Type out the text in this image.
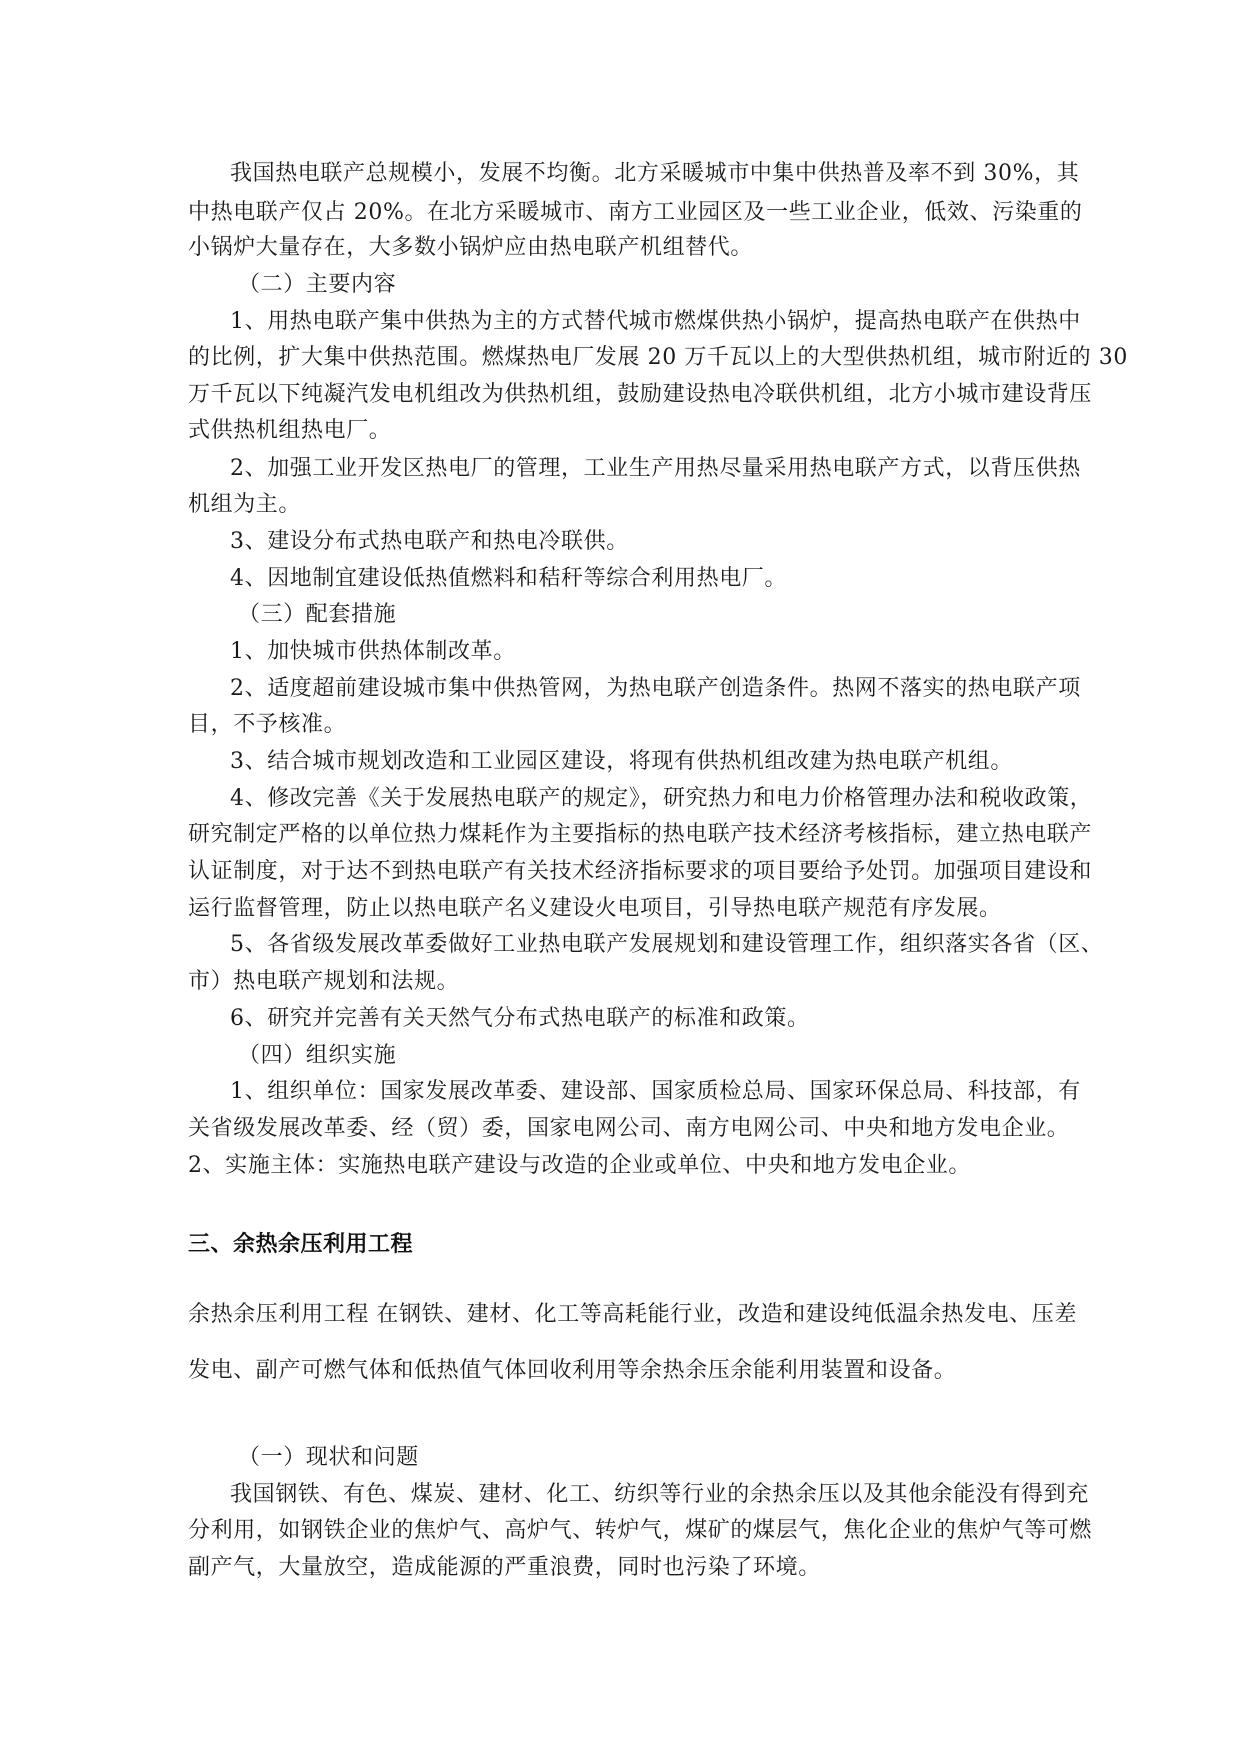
我国热电联产总规模小，发展不均衡。北方采暖城市中集中供热普及率不到 30%，其
中热电联产仅占 20%。在北方采暖城市、南方工业园区及一些工业企业，低效、污染重的
小锅炉大量存在，大多数小锅炉应由热电联产机组替代。
（二）主要内容
1、用热电联产集中供热为主的方式替代城市燃煤供热小锅炉，提高热电联产在供热中
的比例，扩大集中供热范围。燃煤热电厂发展 20 万千瓦以上的大型供热机组，城市附近的 30
万千瓦以下纯凝汽发电机组改为供热机组，鼓励建设热电冷联供机组，北方小城市建设背压
式供热机组热电厂。
2、加强工业开发区热电厂的管理，工业生产用热尽量采用热电联产方式，以背压供热
机组为主。
3、建设分布式热电联产和热电冷联供。
4、因地制宜建设低热值燃料和秸秆等综合利用热电厂。
（三）配套措施
1、加快城市供热体制改革。
2、适度超前建设城市集中供热管网，为热电联产创造条件。热网不落实的热电联产项
目，不予核准。
3、结合城市规划改造和工业园区建设，将现有供热机组改建为热电联产机组。
4、修改完善《关于发展热电联产的规定》，研究热力和电力价格管理办法和税收政策，
研究制定严格的以单位热力煤耗作为主要指标的热电联产技术经济考核指标，建立热电联产
认证制度，对于达不到热电联产有关技术经济指标要求的项目要给予处罚。加强项目建设和
运行监督管理，防止以热电联产名义建设火电项目，引导热电联产规范有序发展。
5、各省级发展改革委做好工业热电联产发展规划和建设管理工作，组织落实各省（区、
市）热电联产规划和法规。
6、研究并完善有关天然气分布式热电联产的标准和政策。
（四）组织实施
1、组织单位：国家发展改革委、建设部、国家质检总局、国家环保总局、科技部，有
关省级发展改革委、经（贸）委，国家电网公司、南方电网公司、中央和地方发电企业。
2、实施主体：实施热电联产建设与改造的企业或单位、中央和地方发电企业。
三、余热余压利用工程
余热余压利用工程 在钢铁、建材、化工等高耗能行业，改造和建设纯低温余热发电、压差
发电、副产可燃气体和低热值气体回收利用等余热余压余能利用装置和设备。
（一）现状和问题
我国钢铁、有色、煤炭、建材、化工、纺织等行业的余热余压以及其他余能没有得到充
分利用，如钢铁企业的焦炉气、高炉气、转炉气，煤矿的煤层气，焦化企业的焦炉气等可燃
副产气，大量放空，造成能源的严重浪费，同时也污染了环境。
